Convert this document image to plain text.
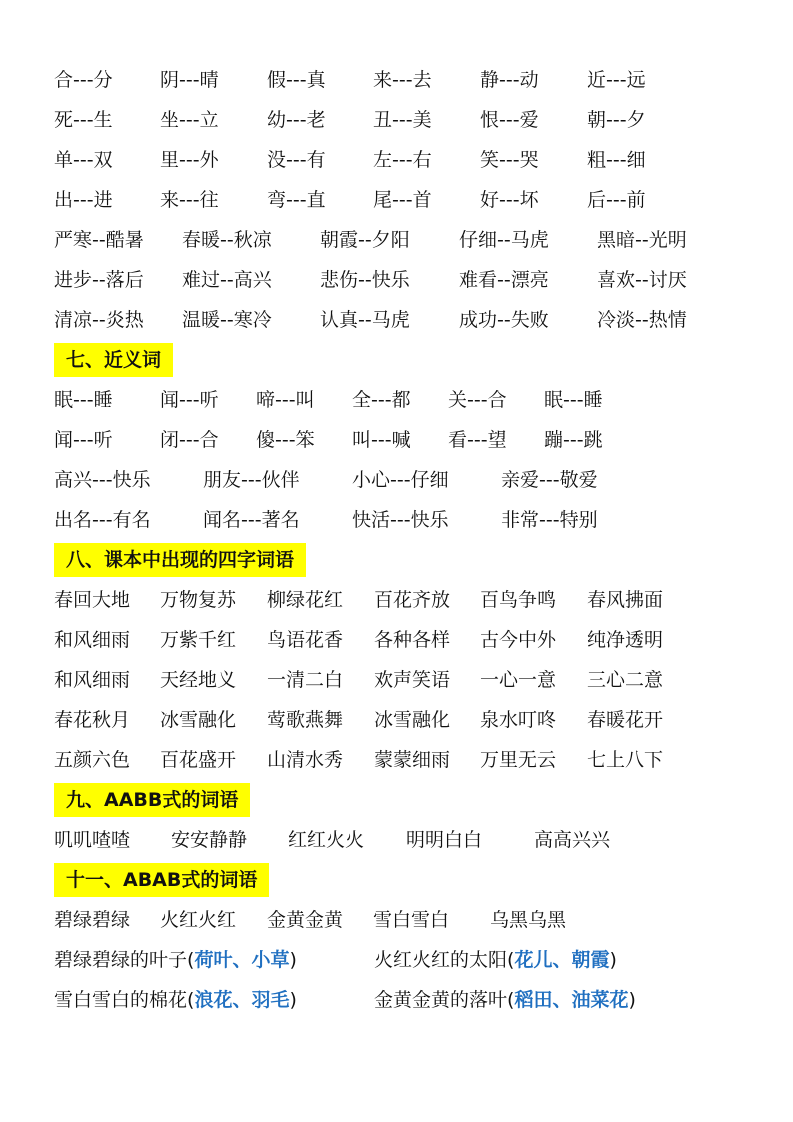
合---分 阴---晴	假---真 来---去	静---动	近---远
死---生 坐---立	幼---老 丑---美	恨---爱	朝---夕
单---双 里---外	没---有 左---右	笑---哭	粗---细
出---进 来---往	弯---直 尾---首	好---坏	后---前
严寒--酷暑 春暖--秋凉	朝霞--夕阳	仔细--马虎	黑暗--光明
进步--落后 难过--高兴	悲伤--快乐	难看--漂亮	喜欢--讨厌
清凉--炎热 温暖--寒冷	认真--马虎	成功--失败	冷淡--热情
七、近义词
眠---睡 闻---听 啼---叫 全---都 关---合 眠---睡
闻---听 闭---合 傻---笨 叫---喊 看---望 蹦---跳
高兴---快乐	朋友---伙伴	小心---仔细	亲爱---敬爱
出名---有名	闻名---著名	快活---快乐	非常---特别
八、课本中出现的四字词语
春回大地 万物复苏 柳绿花红 百花齐放 百鸟争鸣 春风拂面
和风细雨 万紫千红 鸟语花香 各种各样 古今中外 纯净透明
和风细雨 天经地义 一清二白 欢声笑语 一心一意 三心二意
春花秋月 冰雪融化 莺歌燕舞 冰雪融化 泉水叮咚 春暖花开
五颜六色 百花盛开 山清水秀 蒙蒙细雨 万里无云 七上八下
九、AABB式的词语
叽叽喳喳 安安静静 红红火火 明明白白	高高兴兴
十一、ABAB式的词语
碧绿碧绿 火红火红 金黄金黄 雪白雪白 乌黑乌黑
碧绿碧绿的叶子(荷叶、小草)	火红火红的太阳(花儿、朝霞)
雪白雪白的棉花(浪花、羽毛)	金黄金黄的落叶(稻田、油菜花)
